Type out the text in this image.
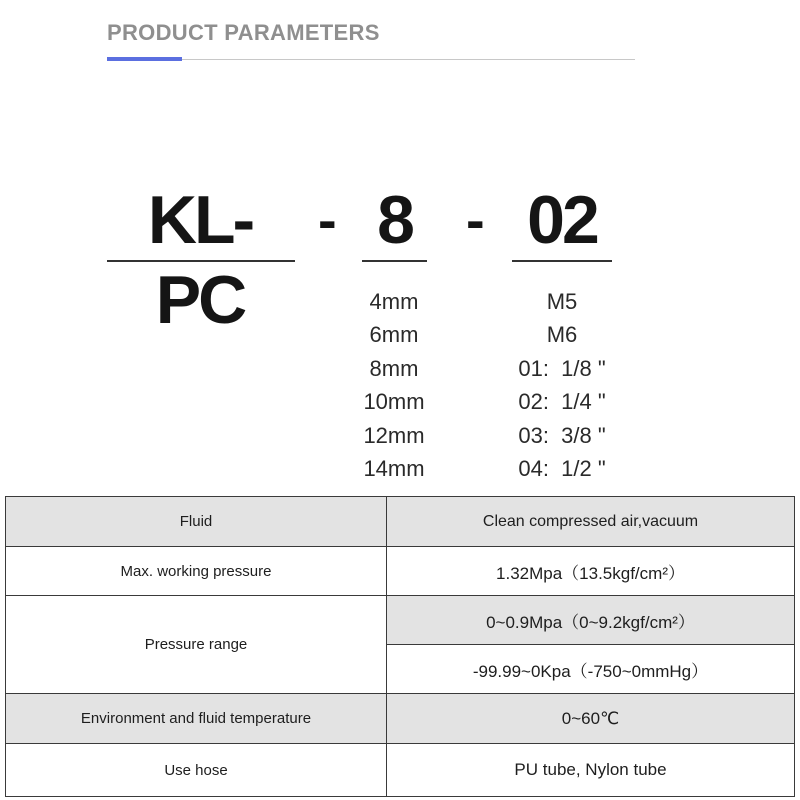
PRODUCT PARAMETERS
KL-PC
- 8 - 02
4mm
6mm
8mm
10mm
12mm
14mm
M5
M6
01:  1/8 "
02:  1/4 "
03:  3/8 "
04:  1/2 "
Fluid	Clean compressed air,vacuum
Max. working pressure	1.32Mpa（13.5kgf/cm²）
Pressure range	0~0.9Mpa（0~9.2kgf/cm²）
	-99.99~0Kpa（-750~0mmHg）
Environment and fluid temperature	0~60℃
Use hose	PU tube, Nylon tube
